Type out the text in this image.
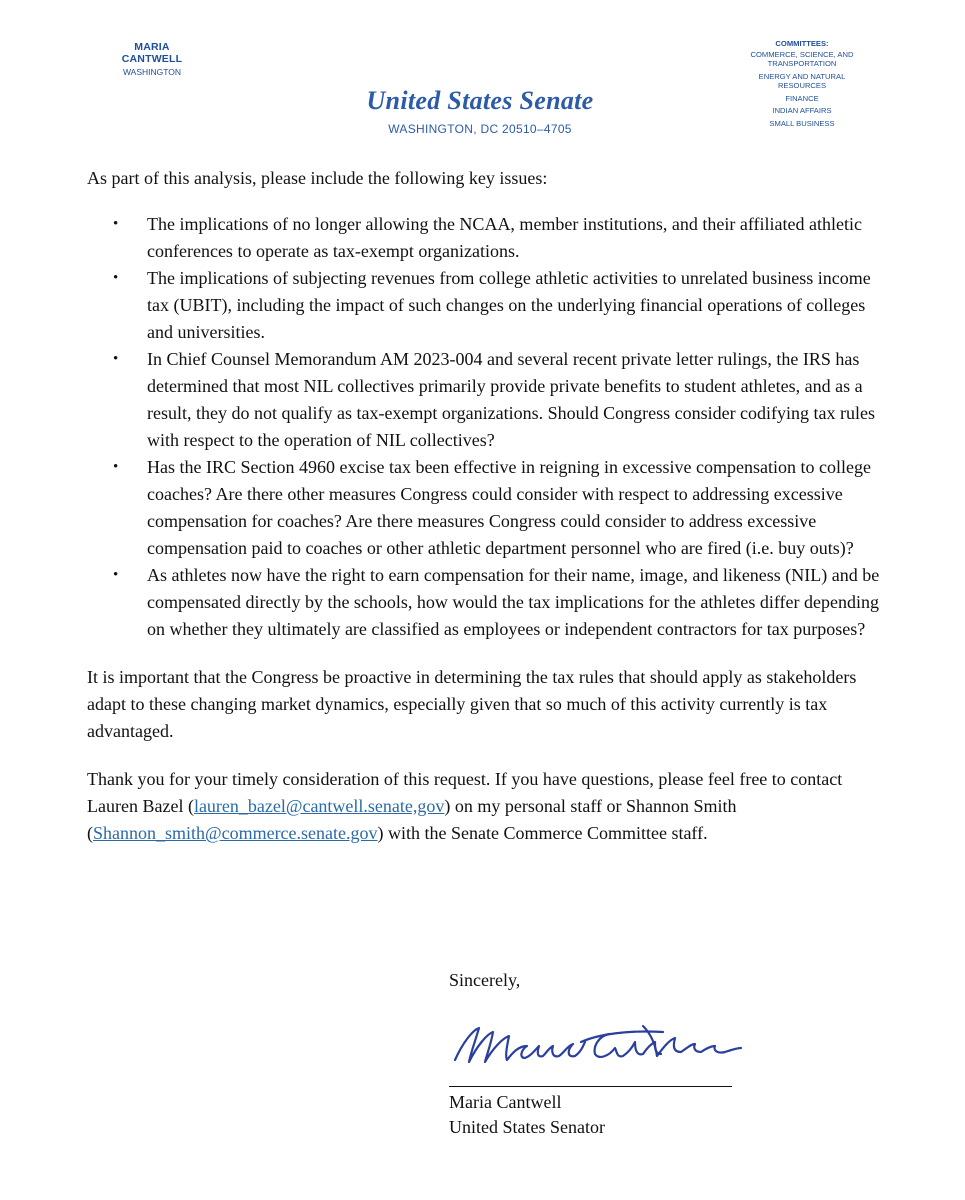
MARIA CANTWELL
WASHINGTON
United States Senate
WASHINGTON, DC 20510–4705
COMMITTEES:
COMMERCE, SCIENCE, AND TRANSPORTATION
ENERGY AND NATURAL RESOURCES
FINANCE
INDIAN AFFAIRS
SMALL BUSINESS

As part of this analysis, please include the following key issues:

• The implications of no longer allowing the NCAA, member institutions, and their affiliated athletic conferences to operate as tax-exempt organizations.
• The implications of subjecting revenues from college athletic activities to unrelated business income tax (UBIT), including the impact of such changes on the underlying financial operations of colleges and universities.
• In Chief Counsel Memorandum AM 2023-004 and several recent private letter rulings, the IRS has determined that most NIL collectives primarily provide private benefits to student athletes, and as a result, they do not qualify as tax-exempt organizations. Should Congress consider codifying tax rules with respect to the operation of NIL collectives?
• Has the IRC Section 4960 excise tax been effective in reigning in excessive compensation to college coaches? Are there other measures Congress could consider with respect to addressing excessive compensation for coaches? Are there measures Congress could consider to address excessive compensation paid to coaches or other athletic department personnel who are fired (i.e. buy outs)?
• As athletes now have the right to earn compensation for their name, image, and likeness (NIL) and be compensated directly by the schools, how would the tax implications for the athletes differ depending on whether they ultimately are classified as employees or independent contractors for tax purposes?

It is important that the Congress be proactive in determining the tax rules that should apply as stakeholders adapt to these changing market dynamics, especially given that so much of this activity currently is tax advantaged.

Thank you for your timely consideration of this request. If you have questions, please feel free to contact Lauren Bazel (lauren_bazel@cantwell.senate,gov) on my personal staff or Shannon Smith (Shannon_smith@commerce.senate.gov) with the Senate Commerce Committee staff.

Sincerely,
Maria Cantwell
United States Senator
